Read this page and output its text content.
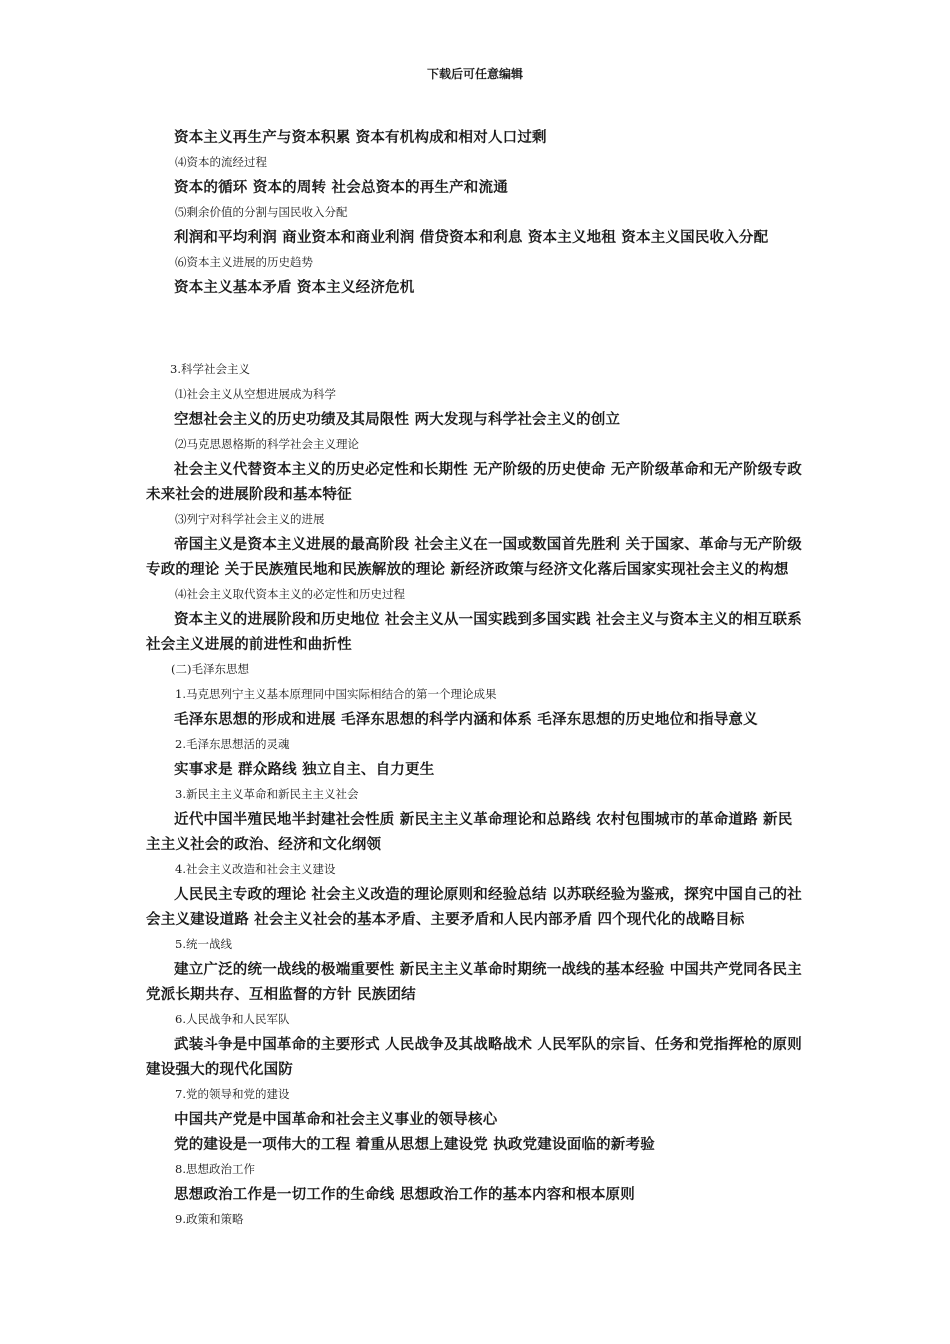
下载后可任意编辑

资本主义再生产与资本积累 资本有机构成和相对人口过剩

⑷资本的流经过程

资本的循环 资本的周转 社会总资本的再生产和流通

⑸剩余价值的分割与国民收入分配

利润和平均利润 商业资本和商业利润 借贷资本和利息 资本主义地租 资本主义国民收入分配

⑹资本主义进展的历史趋势

资本主义基本矛盾 资本主义经济危机

3.科学社会主义

⑴社会主义从空想进展成为科学

空想社会主义的历史功绩及其局限性 两大发现与科学社会主义的创立

⑵马克思恩格斯的科学社会主义理论

社会主义代替资本主义的历史必定性和长期性 无产阶级的历史使命 无产阶级革命和无产阶级专政 未来社会的进展阶段和基本特征

⑶列宁对科学社会主义的进展

帝国主义是资本主义进展的最高阶段 社会主义在一国或数国首先胜利 关于国家、革命与无产阶级专政的理论 关于民族殖民地和民族解放的理论 新经济政策与经济文化落后国家实现社会主义的构想

⑷社会主义取代资本主义的必定性和历史过程

资本主义的进展阶段和历史地位 社会主义从一国实践到多国实践 社会主义与资本主义的相互联系 社会主义进展的前进性和曲折性

(二)毛泽东思想

1.马克思列宁主义基本原理同中国实际相结合的第一个理论成果

毛泽东思想的形成和进展 毛泽东思想的科学内涵和体系 毛泽东思想的历史地位和指导意义

2.毛泽东思想活的灵魂

实事求是 群众路线 独立自主、自力更生

3.新民主主义革命和新民主主义社会

近代中国半殖民地半封建社会性质 新民主主义革命理论和总路线 农村包围城市的革命道路 新民主主义社会的政治、经济和文化纲领

4.社会主义改造和社会主义建设

人民民主专政的理论 社会主义改造的理论原则和经验总结 以苏联经验为鉴戒，探究中国自己的社会主义建设道路 社会主义社会的基本矛盾、主要矛盾和人民内部矛盾 四个现代化的战略目标

5.统一战线

建立广泛的统一战线的极端重要性 新民主主义革命时期统一战线的基本经验 中国共产党同各民主党派长期共存、互相监督的方针 民族团结

6.人民战争和人民军队

武装斗争是中国革命的主要形式 人民战争及其战略战术 人民军队的宗旨、任务和党指挥枪的原则 建设强大的现代化国防

7.党的领导和党的建设

中国共产党是中国革命和社会主义事业的领导核心

党的建设是一项伟大的工程 着重从思想上建设党 执政党建设面临的新考验

8.思想政治工作

思想政治工作是一切工作的生命线 思想政治工作的基本内容和根本原则

9.政策和策略
